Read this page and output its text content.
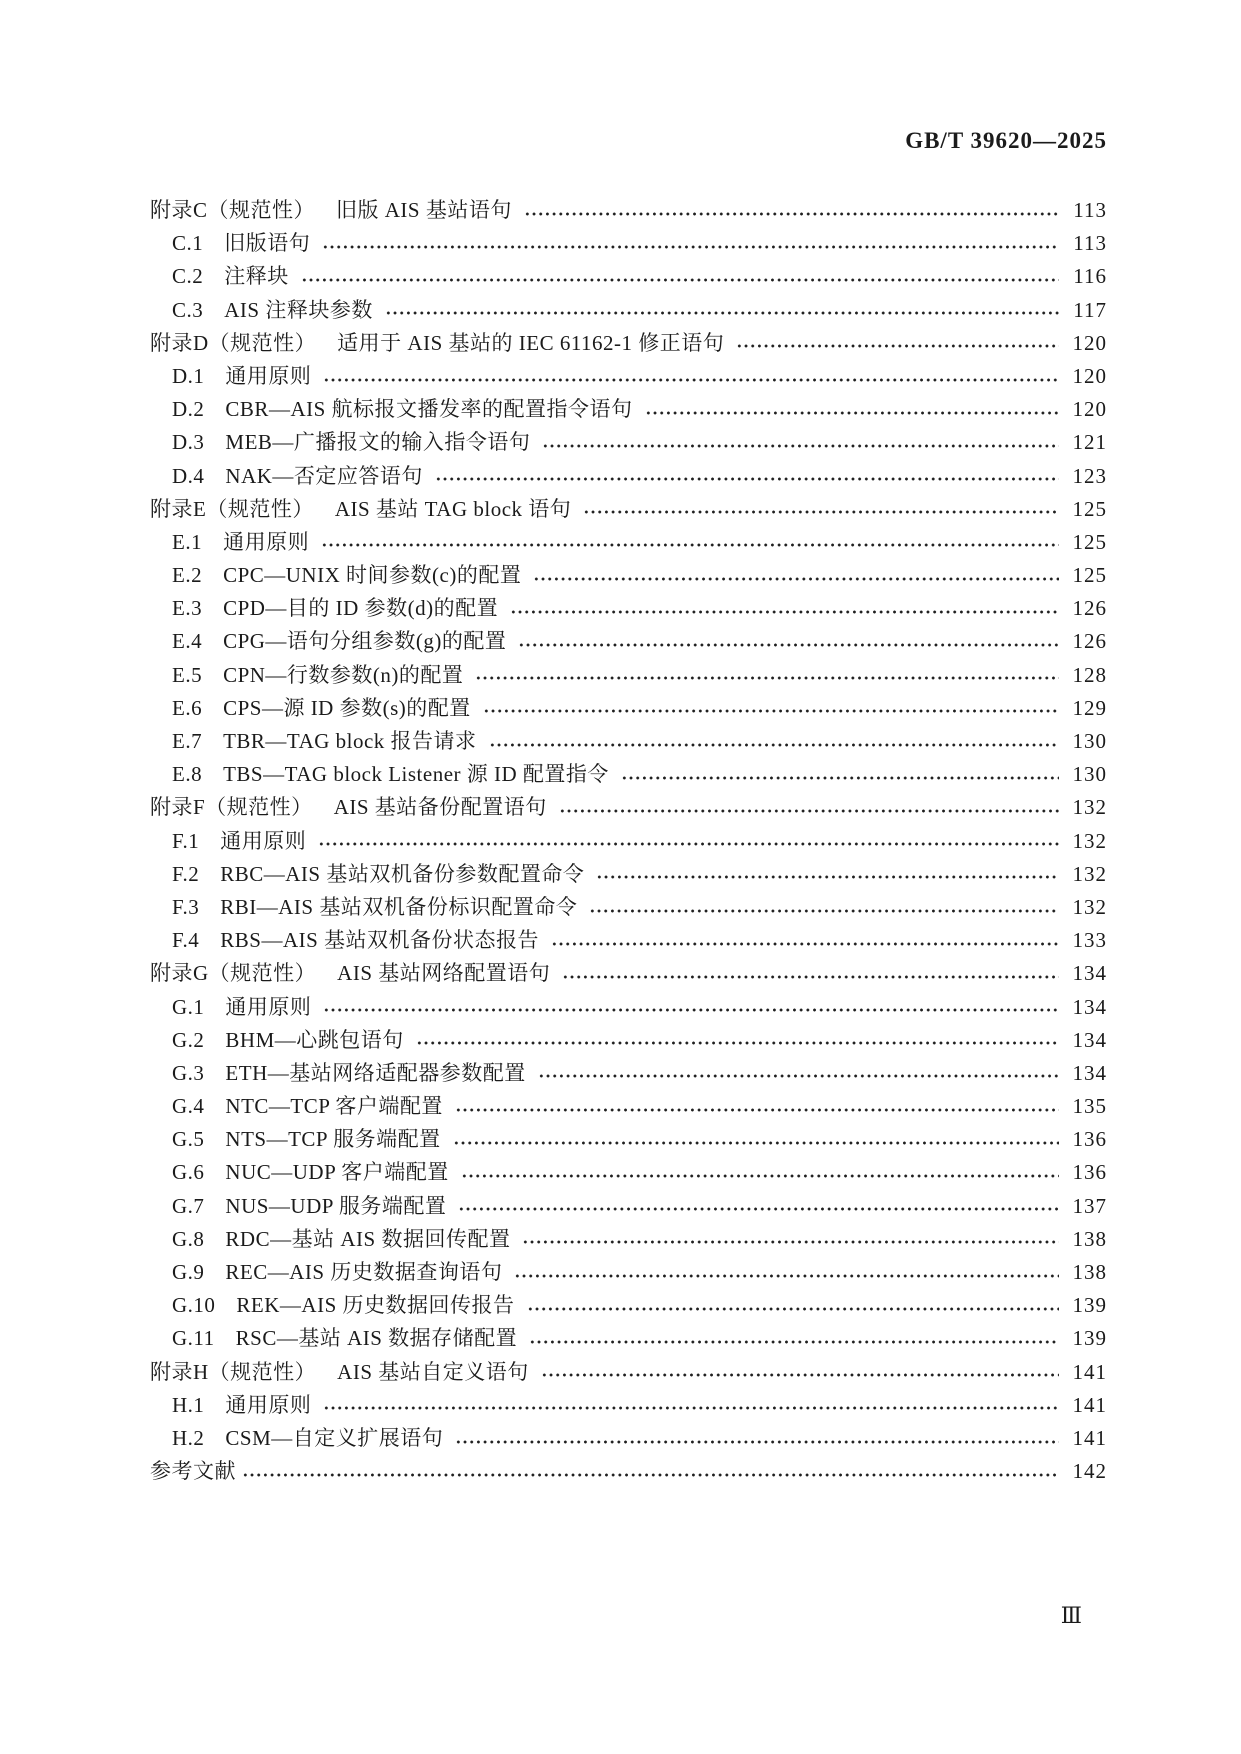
GB/T 39620—2025
附录C（规范性） 旧版 AIS 基站语句	113
C.1 旧版语句	113
C.2 注释块	116
C.3 AIS 注释块参数	117
附录D（规范性） 适用于 AIS 基站的 IEC 61162-1 修正语句	120
D.1 通用原则	120
D.2 CBR—AIS 航标报文播发率的配置指令语句	120
D.3 MEB—广播报文的输入指令语句	121
D.4 NAK—否定应答语句	123
附录E（规范性） AIS 基站 TAG block 语句	125
E.1 通用原则	125
E.2 CPC—UNIX 时间参数(c)的配置	125
E.3 CPD—目的 ID 参数(d)的配置	126
E.4 CPG—语句分组参数(g)的配置	126
E.5 CPN—行数参数(n)的配置	128
E.6 CPS—源 ID 参数(s)的配置	129
E.7 TBR—TAG block 报告请求	130
E.8 TBS—TAG block Listener 源 ID 配置指令	130
附录F（规范性） AIS 基站备份配置语句	132
F.1 通用原则	132
F.2 RBC—AIS 基站双机备份参数配置命令	132
F.3 RBI—AIS 基站双机备份标识配置命令	132
F.4 RBS—AIS 基站双机备份状态报告	133
附录G（规范性） AIS 基站网络配置语句	134
G.1 通用原则	134
G.2 BHM—心跳包语句	134
G.3 ETH—基站网络适配器参数配置	134
G.4 NTC—TCP 客户端配置	135
G.5 NTS—TCP 服务端配置	136
G.6 NUC—UDP 客户端配置	136
G.7 NUS—UDP 服务端配置	137
G.8 RDC—基站 AIS 数据回传配置	138
G.9 REC—AIS 历史数据查询语句	138
G.10 REK—AIS 历史数据回传报告	139
G.11 RSC—基站 AIS 数据存储配置	139
附录H（规范性） AIS 基站自定义语句	141
H.1 通用原则	141
H.2 CSM—自定义扩展语句	141
参考文献	142
Ⅲ
